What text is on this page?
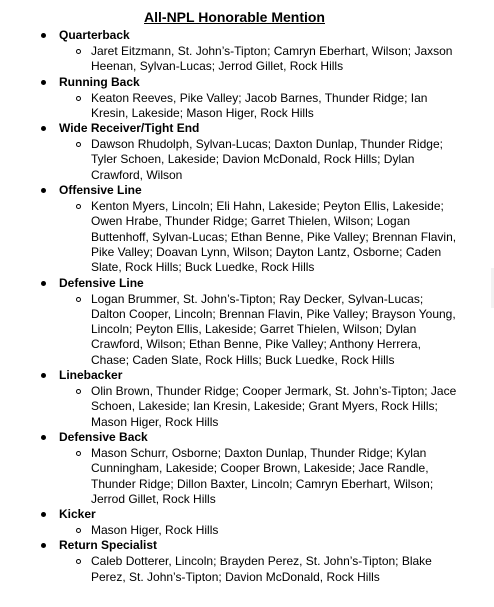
All-NPL Honorable Mention
Quarterback
Jaret Eitzmann, St. John’s-Tipton; Camryn Eberhart, Wilson; Jaxson
Heenan, Sylvan-Lucas; Jerrod Gillet, Rock Hills
Running Back
Keaton Reeves, Pike Valley; Jacob Barnes, Thunder Ridge; Ian
Kresin, Lakeside; Mason Higer, Rock Hills
Wide Receiver/Tight End
Dawson Rhudolph, Sylvan-Lucas; Daxton Dunlap, Thunder Ridge;
Tyler Schoen, Lakeside; Davion McDonald, Rock Hills; Dylan
Crawford, Wilson
Offensive Line
Kenton Myers, Lincoln; Eli Hahn, Lakeside; Peyton Ellis, Lakeside;
Owen Hrabe, Thunder Ridge; Garret Thielen, Wilson; Logan
Buttenhoff, Sylvan-Lucas; Ethan Benne, Pike Valley; Brennan Flavin,
Pike Valley; Doavan Lynn, Wilson; Dayton Lantz, Osborne; Caden
Slate, Rock Hills; Buck Luedke, Rock Hills
Defensive Line
Logan Brummer, St. John’s-Tipton; Ray Decker, Sylvan-Lucas;
Dalton Cooper, Lincoln; Brennan Flavin, Pike Valley; Brayson Young,
Lincoln; Peyton Ellis, Lakeside; Garret Thielen, Wilson; Dylan
Crawford, Wilson; Ethan Benne, Pike Valley; Anthony Herrera,
Chase; Caden Slate, Rock Hills; Buck Luedke, Rock Hills
Linebacker
Olin Brown, Thunder Ridge; Cooper Jermark, St. John’s-Tipton; Jace
Schoen, Lakeside; Ian Kresin, Lakeside; Grant Myers, Rock Hills;
Mason Higer, Rock Hills
Defensive Back
Mason Schurr, Osborne; Daxton Dunlap, Thunder Ridge; Kylan
Cunningham, Lakeside; Cooper Brown, Lakeside; Jace Randle,
Thunder Ridge; Dillon Baxter, Lincoln; Camryn Eberhart, Wilson;
Jerrod Gillet, Rock Hills
Kicker
Mason Higer, Rock Hills
Return Specialist
Caleb Dotterer, Lincoln; Brayden Perez, St. John’s-Tipton; Blake
Perez, St. John’s-Tipton; Davion McDonald, Rock Hills
